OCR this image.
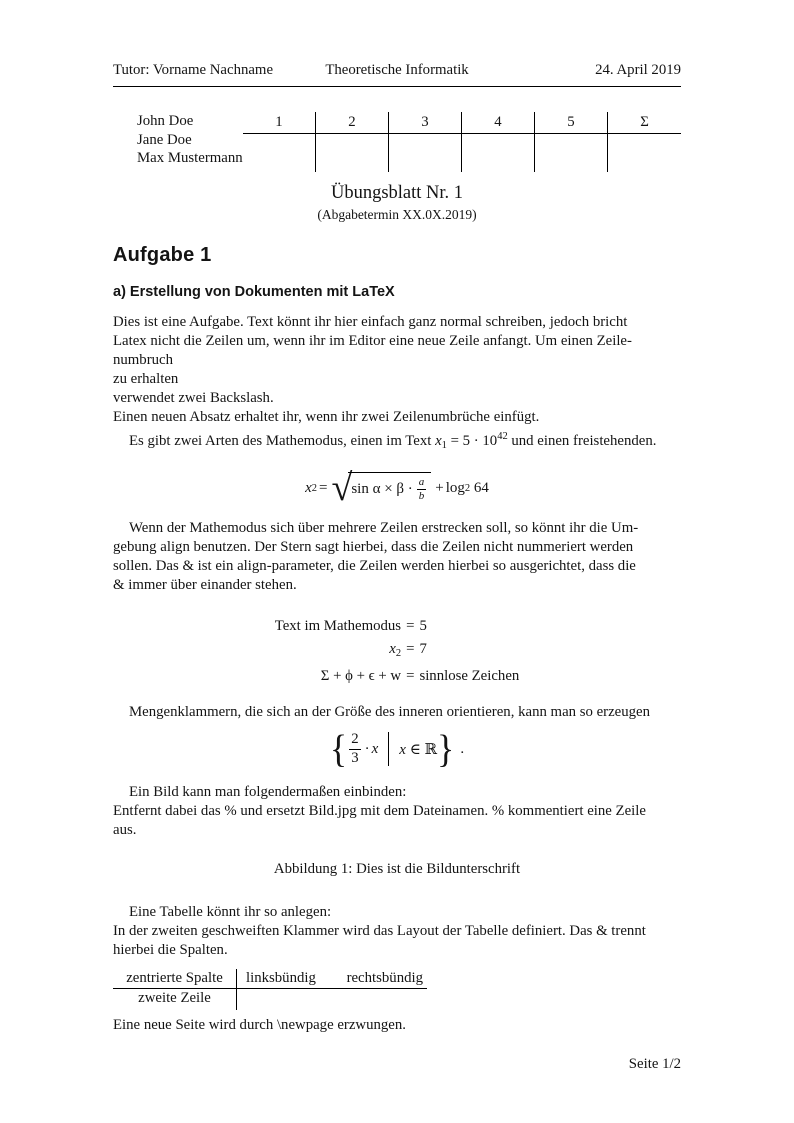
Tutor: Vorname Nachname	Theoretische Informatik	24. April 2019
John Doe
Jane Doe
Max Mustermann
1	2	3	4	5	Σ
Übungsblatt Nr. 1
(Abgabetermin XX.0X.2019)
Aufgabe 1
a) Erstellung von Dokumenten mit LaTeX
Dies ist eine Aufgabe. Text könnt ihr hier einfach ganz normal schreiben, jedoch bricht
Latex nicht die Zeilen um, wenn ihr im Editor eine neue Zeile anfangt. Um einen Zeile-
numbruch
zu erhalten
verwendet zwei Backslash.
Einen neuen Absatz erhaltet ihr, wenn ihr zwei Zeilenumbrüche einfügt.
Es gibt zwei Arten des Mathemodus, einen im Text $x_1 = 5 \cdot 10^{42}$ und einen freistehenden.
x 2 = √ $\sin \alpha \times \beta \cdot \frac{a}{b} + \log 2$
64
Wenn der Mathemodus sich über mehrere Zeilen erstrecken soll, so könnt ihr die Um-
gebung align benutzen. Der Stern sagt hierbei, dass die Zeilen nicht nummeriert werden
sollen. Das & ist ein align-parameter, die Zeilen werden hierbei so ausgerichtet, dass die
& immer über einander stehen.
Text im Mathemodus = 5
$x_2 = 7$
Σ + ϕ + ϵ + w = sinnlose Zeichen
Mengenklammern, die sich an der Größe des inneren orientieren, kann man so erzeugen
{ $\frac{2}{3} \cdot x$ x ∈ ℝ } .
Ein Bild kann man folgendermaßen einbinden:
Entfernt dabei das % und ersetzt Bild.jpg mit dem Dateinamen. % kommentiert eine Zeile
aus.
Abbildung 1: Dies ist die Bildunterschrift
Eine Tabelle könnt ihr so anlegen:
In der zweiten geschweiften Klammer wird das Layout der Tabelle definiert. Das & trennt
hierbei die Spalten.
zentrierte Spalte	linksbündig	rechtsbündig
zweite Zeile
Eine neue Seite wird durch \newpage erzwungen.
Seite 1/2
